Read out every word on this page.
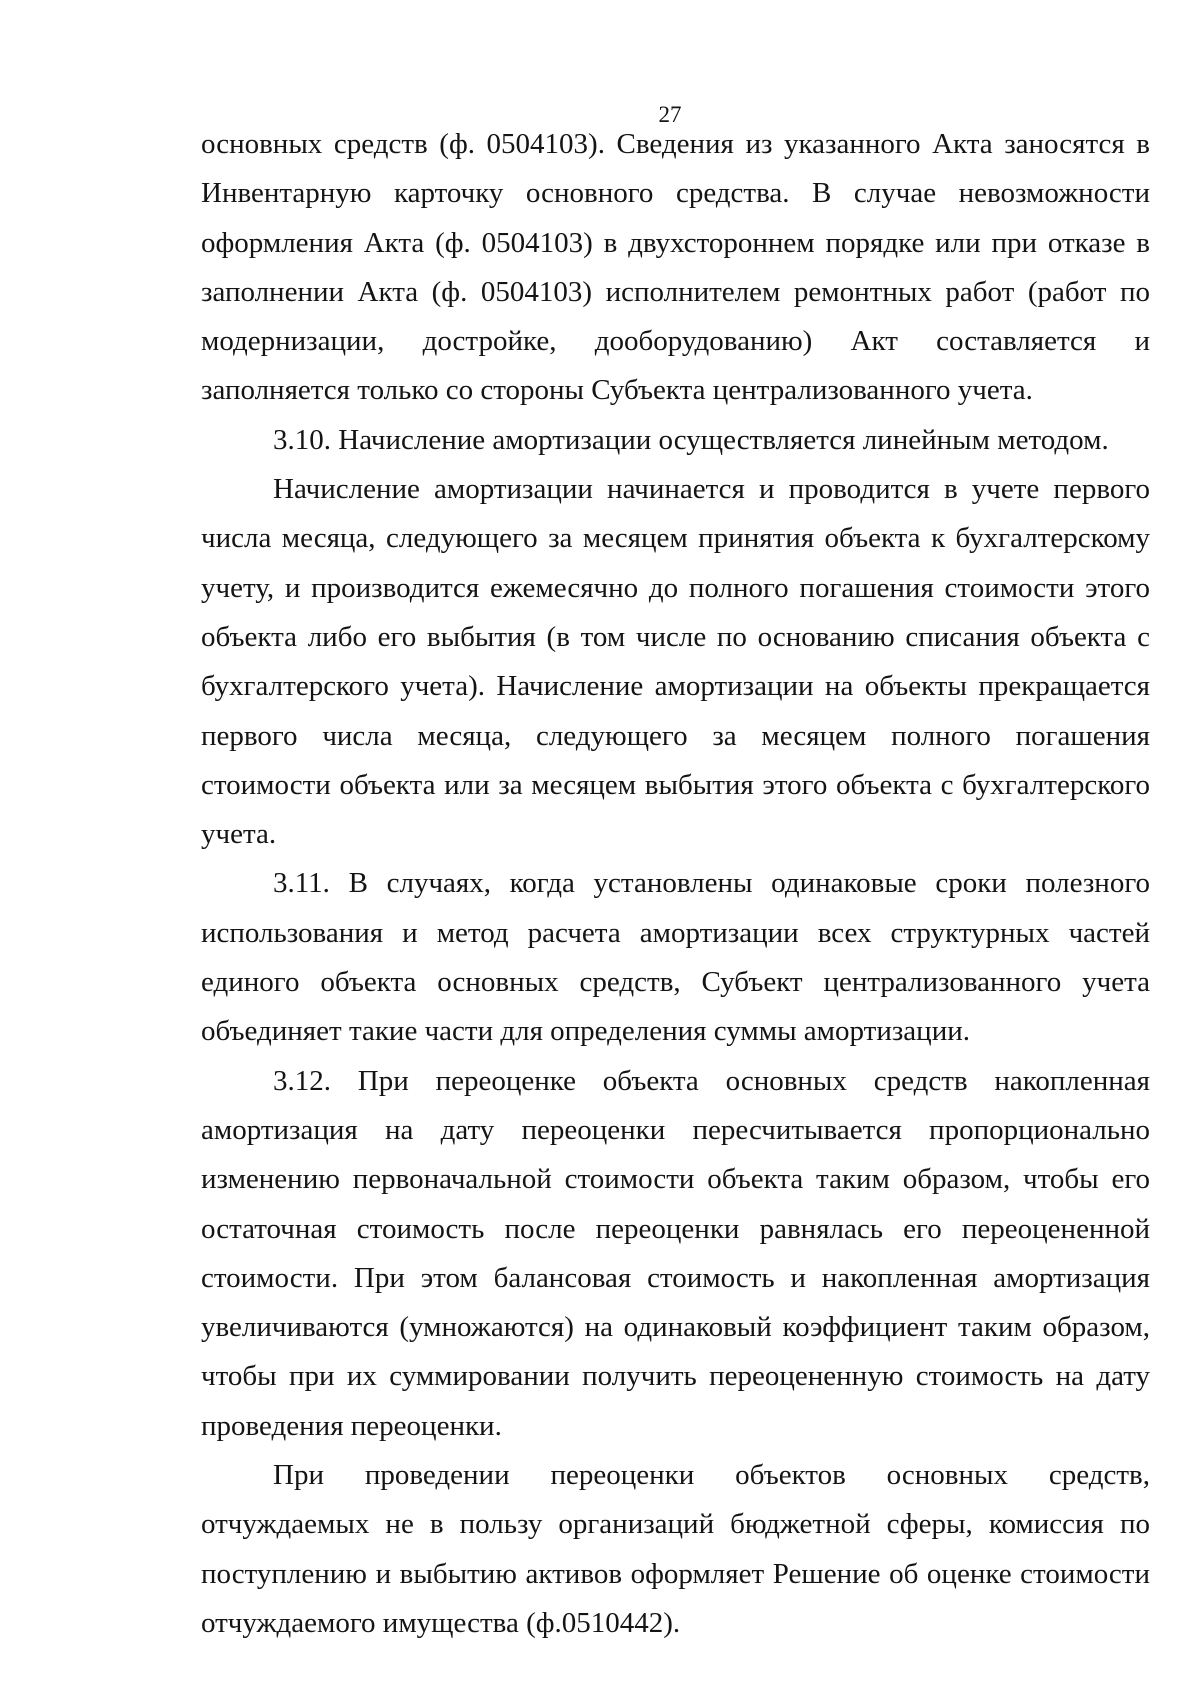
27

основных средств (ф. 0504103). Сведения из указанного Акта заносятся в Инвентарную карточку основного средства. В случае невозможности оформления Акта (ф. 0504103) в двухстороннем порядке или при отказе в заполнении Акта (ф. 0504103) исполнителем ремонтных работ (работ по модернизации, достройке, дооборудованию) Акт составляется и заполняется только со стороны Субъекта централизованного учета.

3.10. Начисление амортизации осуществляется линейным методом.

Начисление амортизации начинается и проводится в учете первого числа месяца, следующего за месяцем принятия объекта к бухгалтерскому учету, и производится ежемесячно до полного погашения стоимости этого объекта либо его выбытия (в том числе по основанию списания объекта с бухгалтерского учета). Начисление амортизации на объекты прекращается первого числа месяца, следующего за месяцем полного погашения стоимости объекта или за месяцем выбытия этого объекта с бухгалтерского учета.

3.11. В случаях, когда установлены одинаковые сроки полезного использования и метод расчета амортизации всех структурных частей единого объекта основных средств, Субъект централизованного учета объединяет такие части для определения суммы амортизации.

3.12. При переоценке объекта основных средств накопленная амортизация на дату переоценки пересчитывается пропорционально изменению первоначальной стоимости объекта таким образом, чтобы его остаточная стоимость после переоценки равнялась его переоцененной стоимости. При этом балансовая стоимость и накопленная амортизация увеличиваются (умножаются) на одинаковый коэффициент таким образом, чтобы при их суммировании получить переоцененную стоимость на дату проведения переоценки.

При проведении переоценки объектов основных средств, отчуждаемых не в пользу организаций бюджетной сферы, комиссия по поступлению и выбытию активов оформляет Решение об оценке стоимости отчуждаемого имущества (ф.0510442).
